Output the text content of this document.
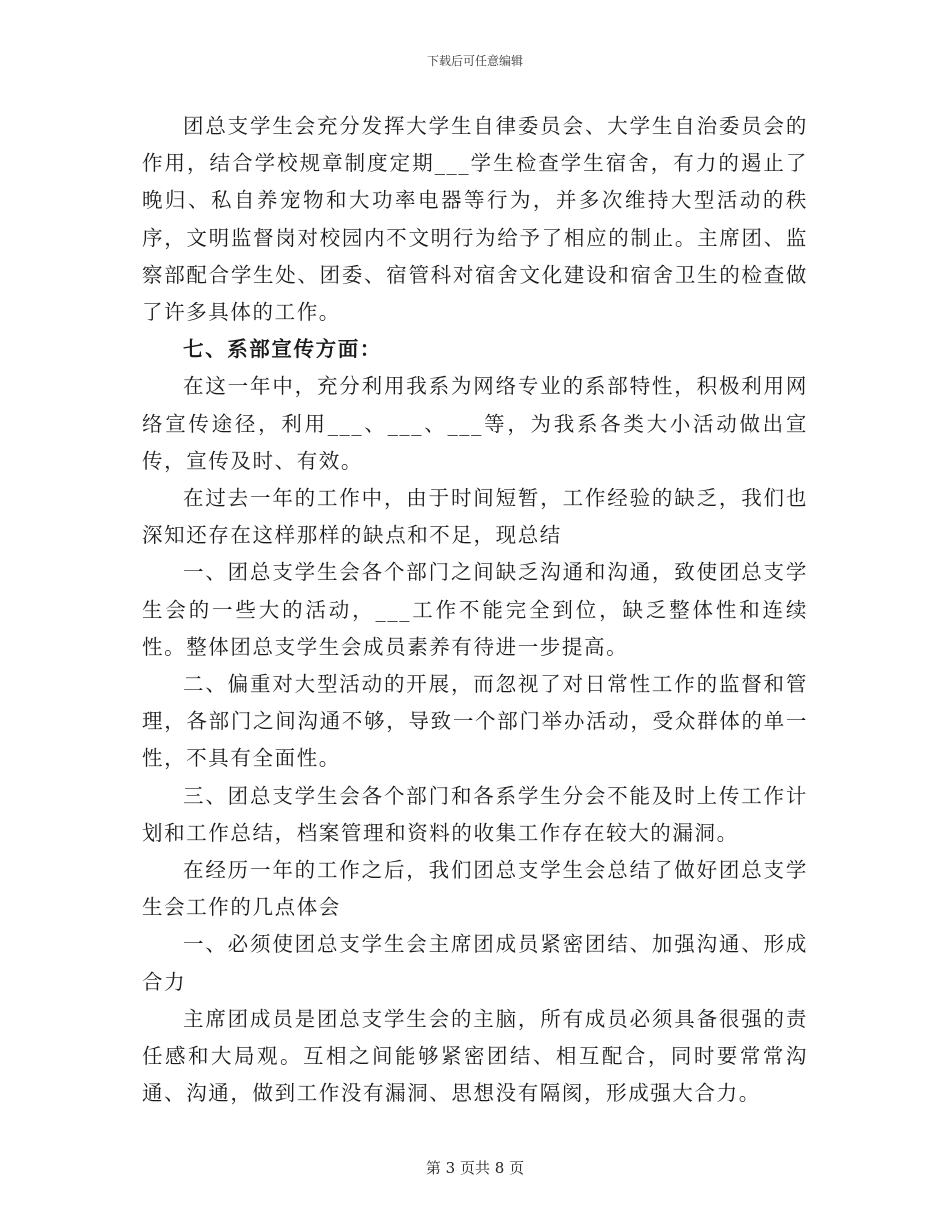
下载后可任意编辑

团总支学生会充分发挥大学生自律委员会、大学生自治委员会的作用，结合学校规章制度定期___学生检查学生宿舍，有力的遏止了晚归、私自养宠物和大功率电器等行为，并多次维持大型活动的秩序，文明监督岗对校园内不文明行为给予了相应的制止。主席团、监察部配合学生处、团委、宿管科对宿舍文化建设和宿舍卫生的检查做了许多具体的工作。

七、系部宣传方面：

在这一年中，充分利用我系为网络专业的系部特性，积极利用网络宣传途径，利用___、___、___等，为我系各类大小活动做出宣传，宣传及时、有效。

在过去一年的工作中，由于时间短暂，工作经验的缺乏，我们也深知还存在这样那样的缺点和不足，现总结

一、团总支学生会各个部门之间缺乏沟通和沟通，致使团总支学生会的一些大的活动，___工作不能完全到位，缺乏整体性和连续性。整体团总支学生会成员素养有待进一步提高。

二、偏重对大型活动的开展，而忽视了对日常性工作的监督和管理，各部门之间沟通不够，导致一个部门举办活动，受众群体的单一性，不具有全面性。

三、团总支学生会各个部门和各系学生分会不能及时上传工作计划和工作总结，档案管理和资料的收集工作存在较大的漏洞。

在经历一年的工作之后，我们团总支学生会总结了做好团总支学生会工作的几点体会

一、必须使团总支学生会主席团成员紧密团结、加强沟通、形成合力

主席团成员是团总支学生会的主脑，所有成员必须具备很强的责任感和大局观。互相之间能够紧密团结、相互配合，同时要常常沟通、沟通，做到工作没有漏洞、思想没有隔阂，形成强大合力。

第 3 页共 8 页
